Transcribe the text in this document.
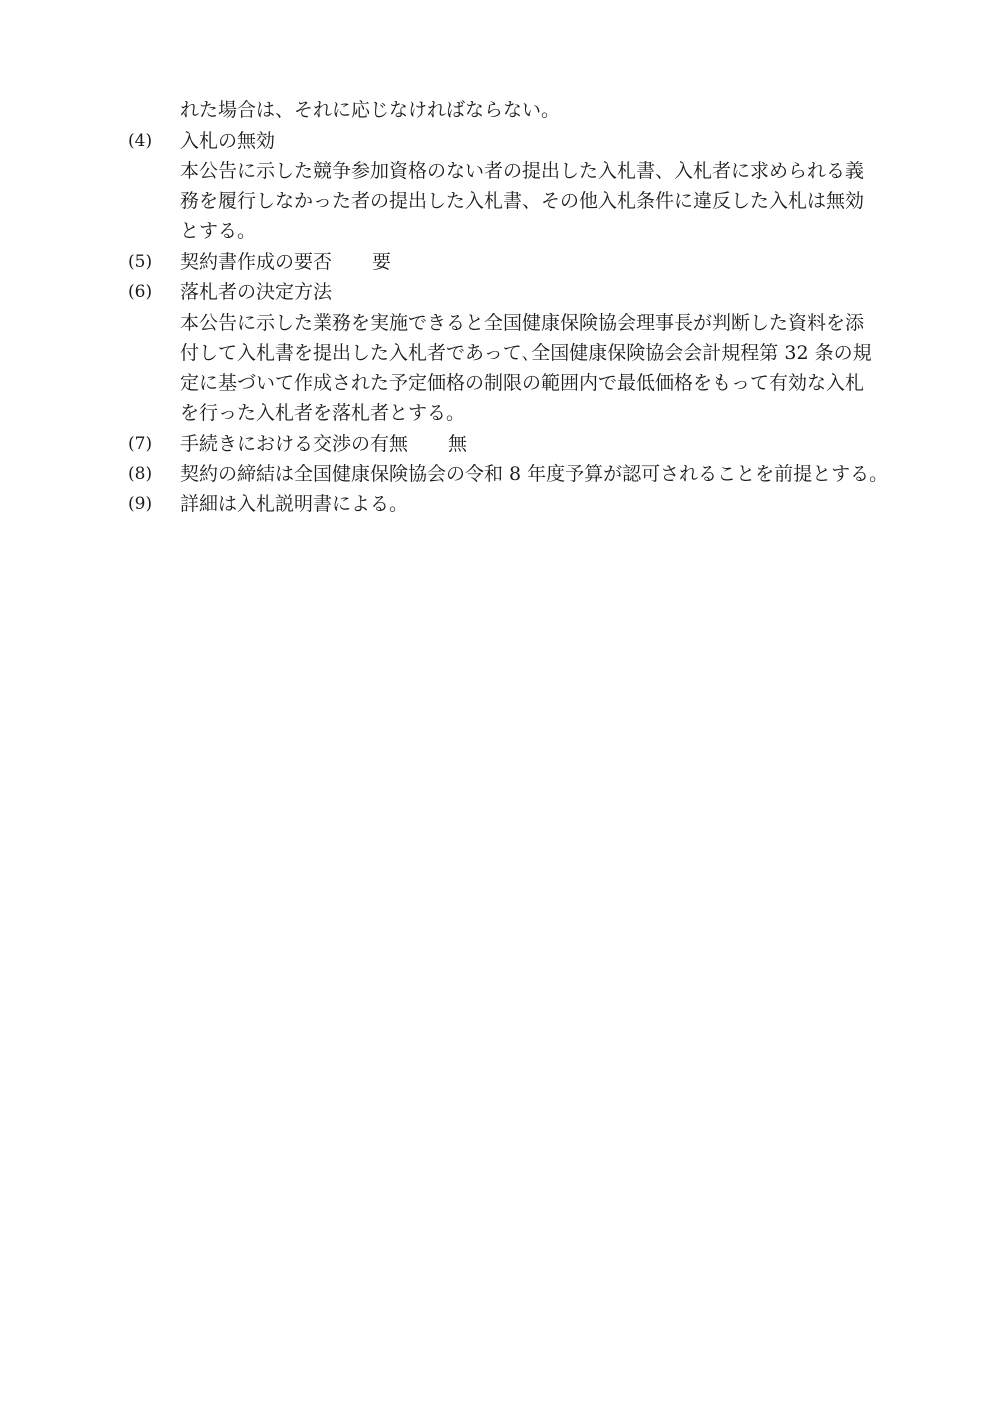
れた場合は、それに応じなければならない。
(4) 入札の無効
本公告に示した競争参加資格のない者の提出した入札書、入札者に求められる義
務を履行しなかった者の提出した入札書、その他入札条件に違反した入札は無効
とする。
(5) 契約書作成の要否 要
(6) 落札者の決定方法
本公告に示した業務を実施できると全国健康保険協会理事長が判断した資料を添
付して入札書を提出した入札者であって､全国健康保険協会会計規程第 32 条の規
定に基づいて作成された予定価格の制限の範囲内で最低価格をもって有効な入札
を行った入札者を落札者とする。
(7) 手続きにおける交渉の有無 無
(8) 契約の締結は全国健康保険協会の令和 8 年度予算が認可されることを前提とする。
(9) 詳細は入札説明書による。
